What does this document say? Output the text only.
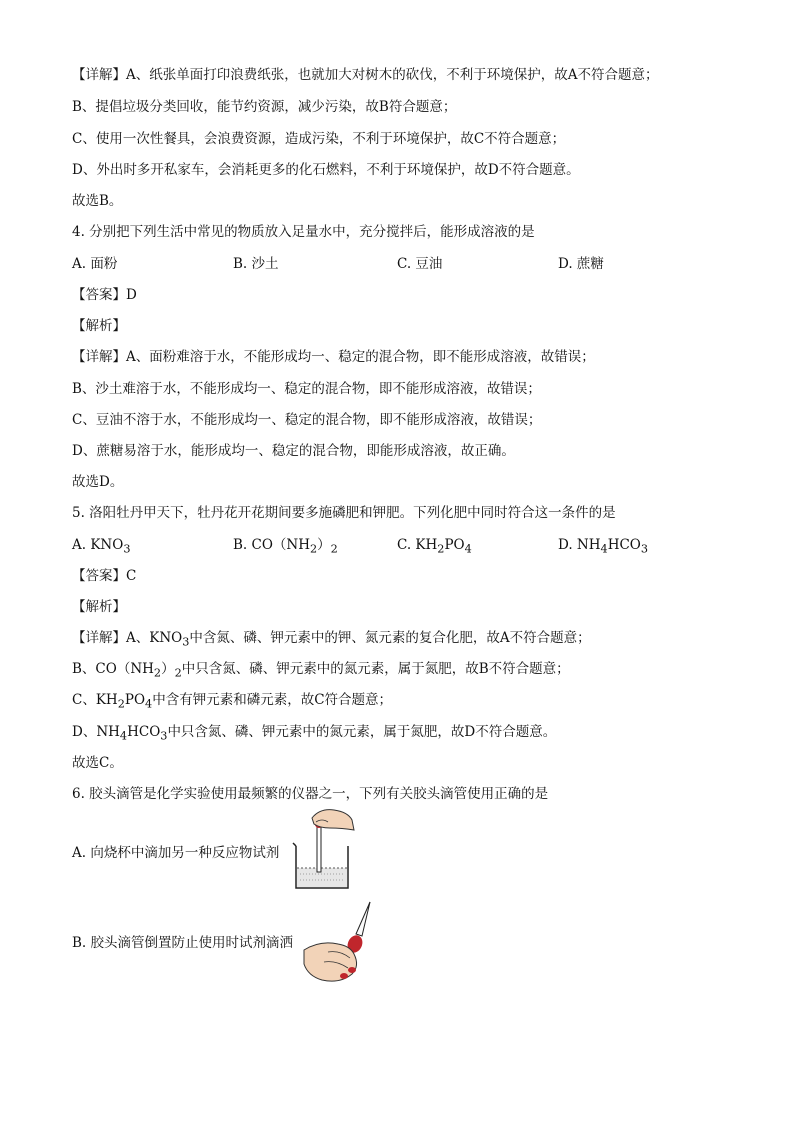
【详解】A、纸张单面打印浪费纸张，也就加大对树木的砍伐，不利于环境保护，故A不符合题意；
B、提倡垃圾分类回收，能节约资源，减少污染，故B符合题意；
C、使用一次性餐具，会浪费资源，造成污染，不利于环境保护，故C不符合题意；
D、外出时多开私家车，会消耗更多的化石燃料，不利于环境保护，故D不符合题意。
故选B。
4. 分别把下列生活中常见的物质放入足量水中，充分搅拌后，能形成溶液的是
A. 面粉	B. 沙土	C. 豆油	D. 蔗糖
【答案】D
【解析】
【详解】A、面粉难溶于水，不能形成均一、稳定的混合物，即不能形成溶液，故错误；
B、沙土难溶于水，不能形成均一、稳定的混合物，即不能形成溶液，故错误；
C、豆油不溶于水，不能形成均一、稳定的混合物，即不能形成溶液，故错误；
D、蔗糖易溶于水，能形成均一、稳定的混合物，即能形成溶液，故正确。
故选D。
5. 洛阳牡丹甲天下，牡丹花开花期间要多施磷肥和钾肥。下列化肥中同时符合这一条件的是
A. $KNO_3$	B. $CO(NH_2)_2$	C. $KH_2PO_4$	D. $NH_4HCO_3$
【答案】C
【解析】
【详解】A、$KNO_3$中含氮、磷、钾元素中的钾、氮元素的复合化肥，故A不符合题意；
B、$CO(NH_2)_2$中只含氮、磷、钾元素中的氮元素，属于氮肥，故B不符合题意；
C、$KH_2PO_4$中含有钾元素和磷元素，故C符合题意；
D、$NH_4HCO_3$中只含氮、磷、钾元素中的氮元素，属于氮肥，故D不符合题意。
故选C。
6. 胶头滴管是化学实验使用最频繁的仪器之一，下列有关胶头滴管使用正确的是
A. 向烧杯中滴加另一种反应物试剂
B. 胶头滴管倒置防止使用时试剂滴洒
